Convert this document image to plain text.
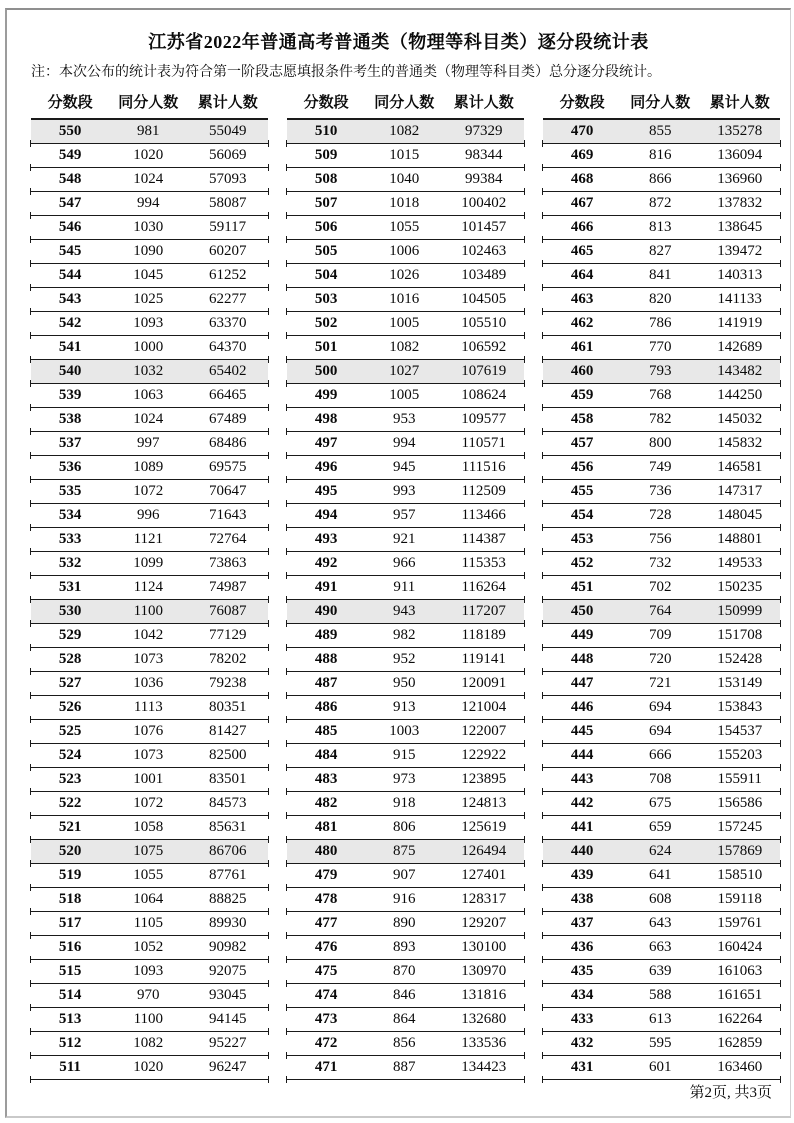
江苏省2022年普通高考普通类（物理等科目类）逐分段统计表
注：本次公布的统计表为符合第一阶段志愿填报条件考生的普通类（物理等科目类）总分逐分段统计。
分数段	同分人数	累计人数
550	981	55049
549	1020	56069
548	1024	57093
547	994	58087
546	1030	59117
545	1090	60207
544	1045	61252
543	1025	62277
542	1093	63370
541	1000	64370
540	1032	65402
539	1063	66465
538	1024	67489
537	997	68486
536	1089	69575
535	1072	70647
534	996	71643
533	1121	72764
532	1099	73863
531	1124	74987
530	1100	76087
529	1042	77129
528	1073	78202
527	1036	79238
526	1113	80351
525	1076	81427
524	1073	82500
523	1001	83501
522	1072	84573
521	1058	85631
520	1075	86706
519	1055	87761
518	1064	88825
517	1105	89930
516	1052	90982
515	1093	92075
514	970	93045
513	1100	94145
512	1082	95227
511	1020	96247
分数段	同分人数	累计人数
510	1082	97329
509	1015	98344
508	1040	99384
507	1018	100402
506	1055	101457
505	1006	102463
504	1026	103489
503	1016	104505
502	1005	105510
501	1082	106592
500	1027	107619
499	1005	108624
498	953	109577
497	994	110571
496	945	111516
495	993	112509
494	957	113466
493	921	114387
492	966	115353
491	911	116264
490	943	117207
489	982	118189
488	952	119141
487	950	120091
486	913	121004
485	1003	122007
484	915	122922
483	973	123895
482	918	124813
481	806	125619
480	875	126494
479	907	127401
478	916	128317
477	890	129207
476	893	130100
475	870	130970
474	846	131816
473	864	132680
472	856	133536
471	887	134423
分数段	同分人数	累计人数
470	855	135278
469	816	136094
468	866	136960
467	872	137832
466	813	138645
465	827	139472
464	841	140313
463	820	141133
462	786	141919
461	770	142689
460	793	143482
459	768	144250
458	782	145032
457	800	145832
456	749	146581
455	736	147317
454	728	148045
453	756	148801
452	732	149533
451	702	150235
450	764	150999
449	709	151708
448	720	152428
447	721	153149
446	694	153843
445	694	154537
444	666	155203
443	708	155911
442	675	156586
441	659	157245
440	624	157869
439	641	158510
438	608	159118
437	643	159761
436	663	160424
435	639	161063
434	588	161651
433	613	162264
432	595	162859
431	601	163460
第2页, 共3页
